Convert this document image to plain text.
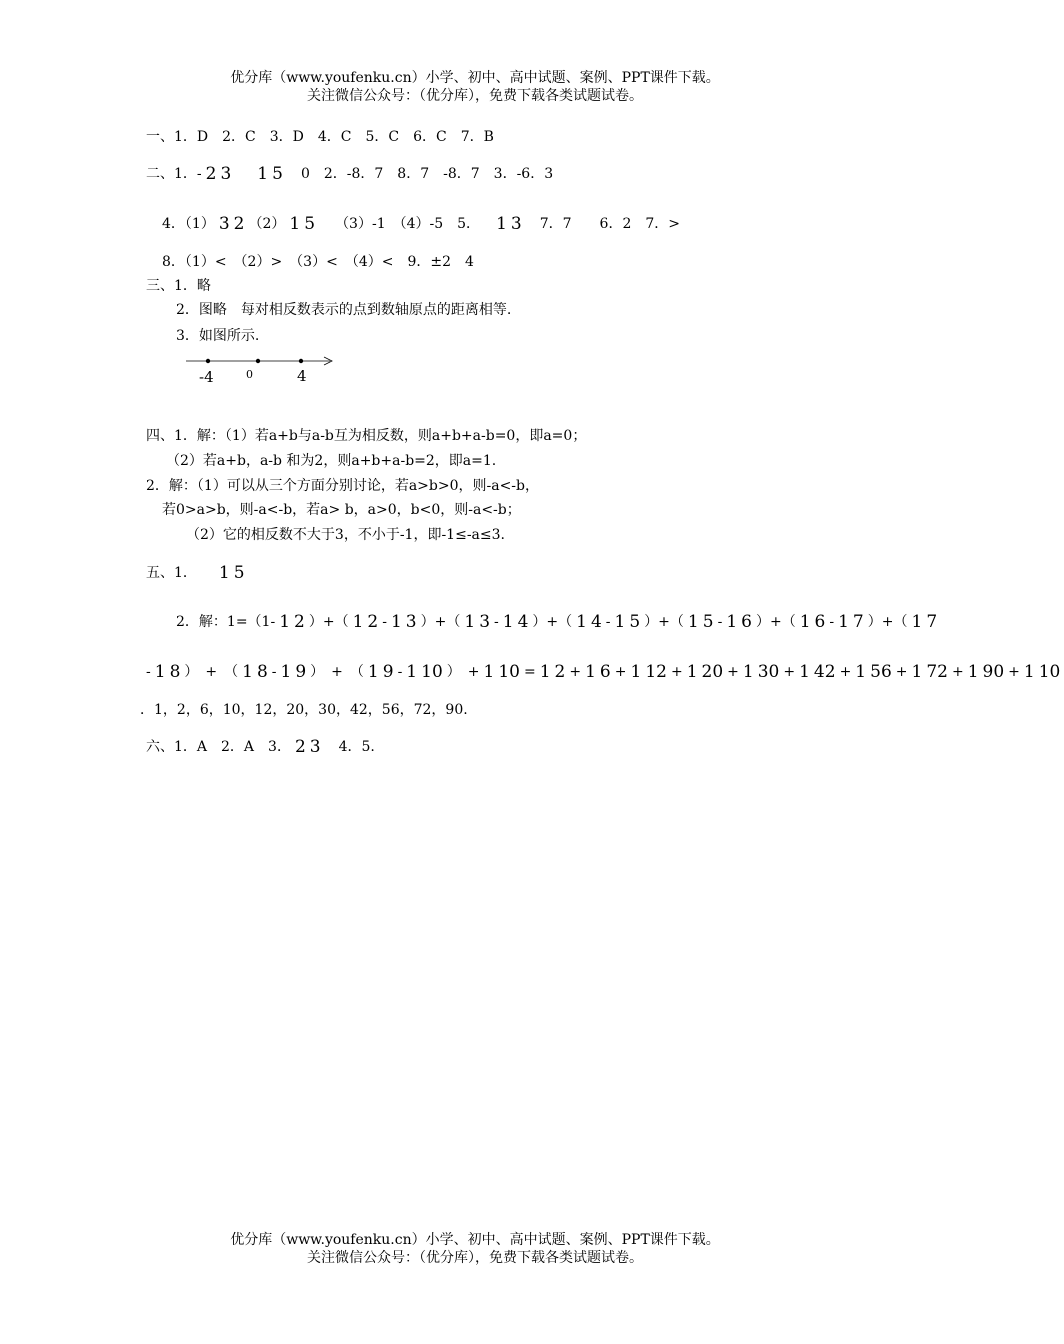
优分库（www.youfenku.cn）小学、初中、高中试题、案例、PPT课件下载。
关注微信公众号：（优分库），免费下载各类试题试卷。
一、1．D　2．C　3．D　4．C　5．C　6．C　7．B
二、1．- 2 3 1 5　0　2．-8．7　8．7　-8．7　3．-6．3
4．（1） 3 2 （2） 1 5 （3）-1　（4）-5　5． 1 3　7．7　　6．2　7．>
8．（1）<　（2）>　（3）<　（4）<　9．±2　4
三、1．略
2．图略　每对相反数表示的点到数轴原点的距离相等.
3．如图所示.
-4	0	4
四、1．解：（1）若a+b与a-b互为相反数，则a+b+a-b=0，即a=0；
（2）若a+b，a-b 和为2，则a+b+a-b=2，即a=1.
2．解：（1）可以从三个方面分别讨论，若a>b>0，则-a<-b，
若0>a>b，则-a<-b，若a> b，a>0，b<0，则-a<-b；
（2）它的相反数不大于3，不小于-1，即-1≤-a≤3.
五、1． 1 5
2．解：1=（1- 1 2 ）+（ 1 2 - 1 3 ）+（ 1 3 - 1 4 ）+（ 1 4 - 1 5 ）+（ 1 5 - 1 6 ）+（ 1 6 - 1 7 ）+（ 1 7
- 1 8 ）　+　（ 1 8 - 1 9 ）　+　（ 1 9 - 1 10 ）　+ 1 10 = 1 2 + 1 6 + 1 12 + 1 20 + 1 30 + 1 42 + 1 56 + 1 72 + 1 90 + 1 10
．1，2，6，10，12，20，30，42，56，72，90.
六、1．A　2．A　3． 2 3　4．5.
优分库（www.youfenku.cn）小学、初中、高中试题、案例、PPT课件下载。
关注微信公众号：（优分库），免费下载各类试题试卷。
